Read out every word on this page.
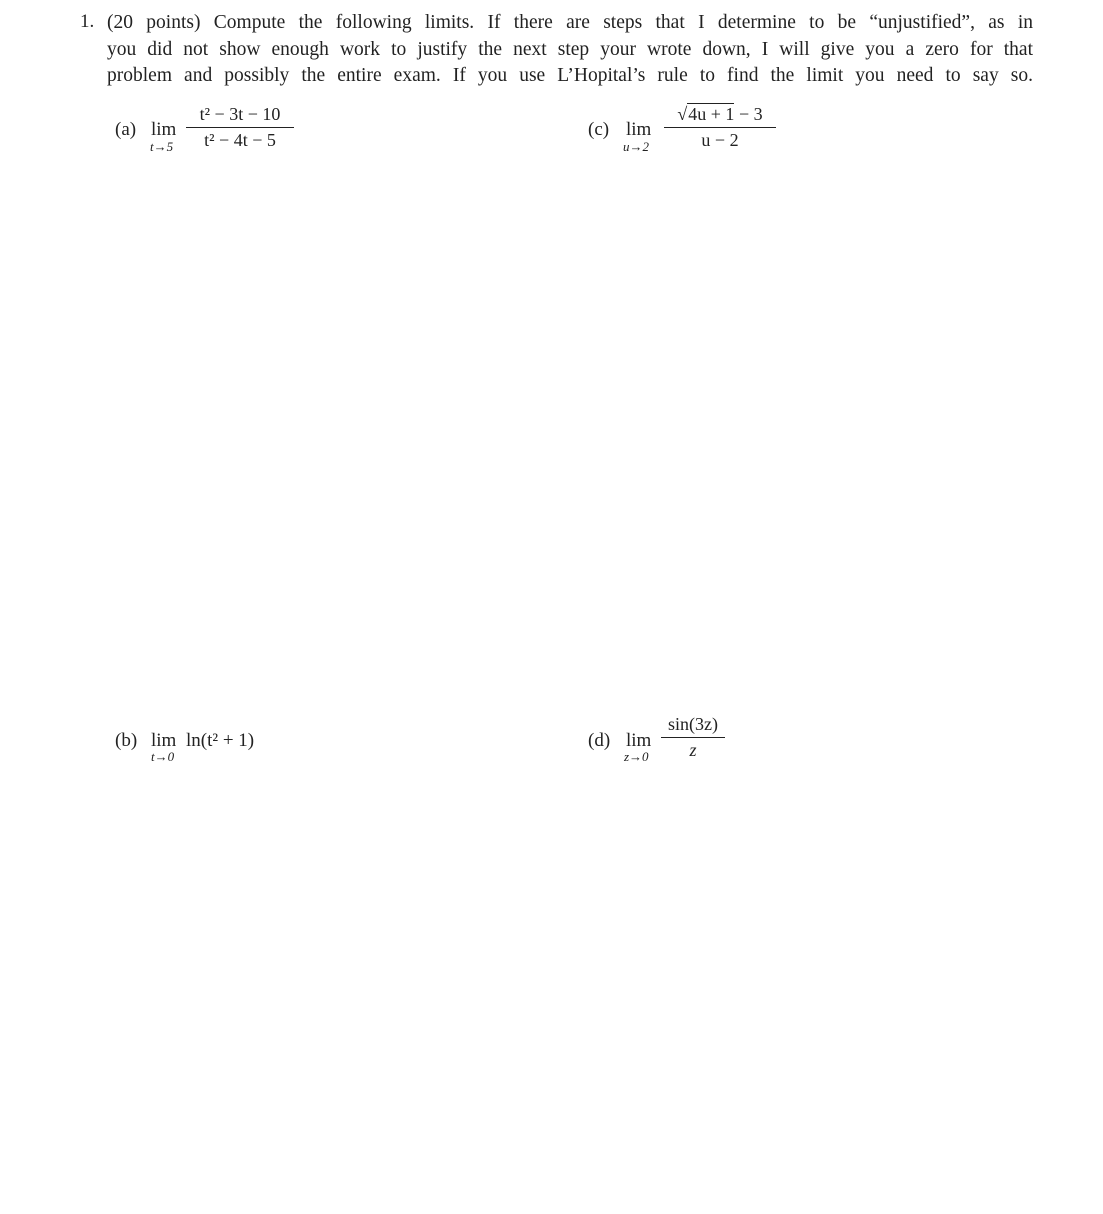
1. (20 points) Compute the following limits. If there are steps that I determine to be “unjustified”, as in
you did not show enough work to justify the next step your wrote down, I will give you a zero for that
problem and possibly the entire exam. If you use L’Hopital’s rule to find the limit you need to say so.
(a) lim
t→5
t² − 3t − 10
t² − 4t − 5	(c) lim
u→2
√4u + 1 − 3
u − 2
(b) lim
t→0
ln(t² + 1)	(d) lim
z→0
sin(3z)
z
